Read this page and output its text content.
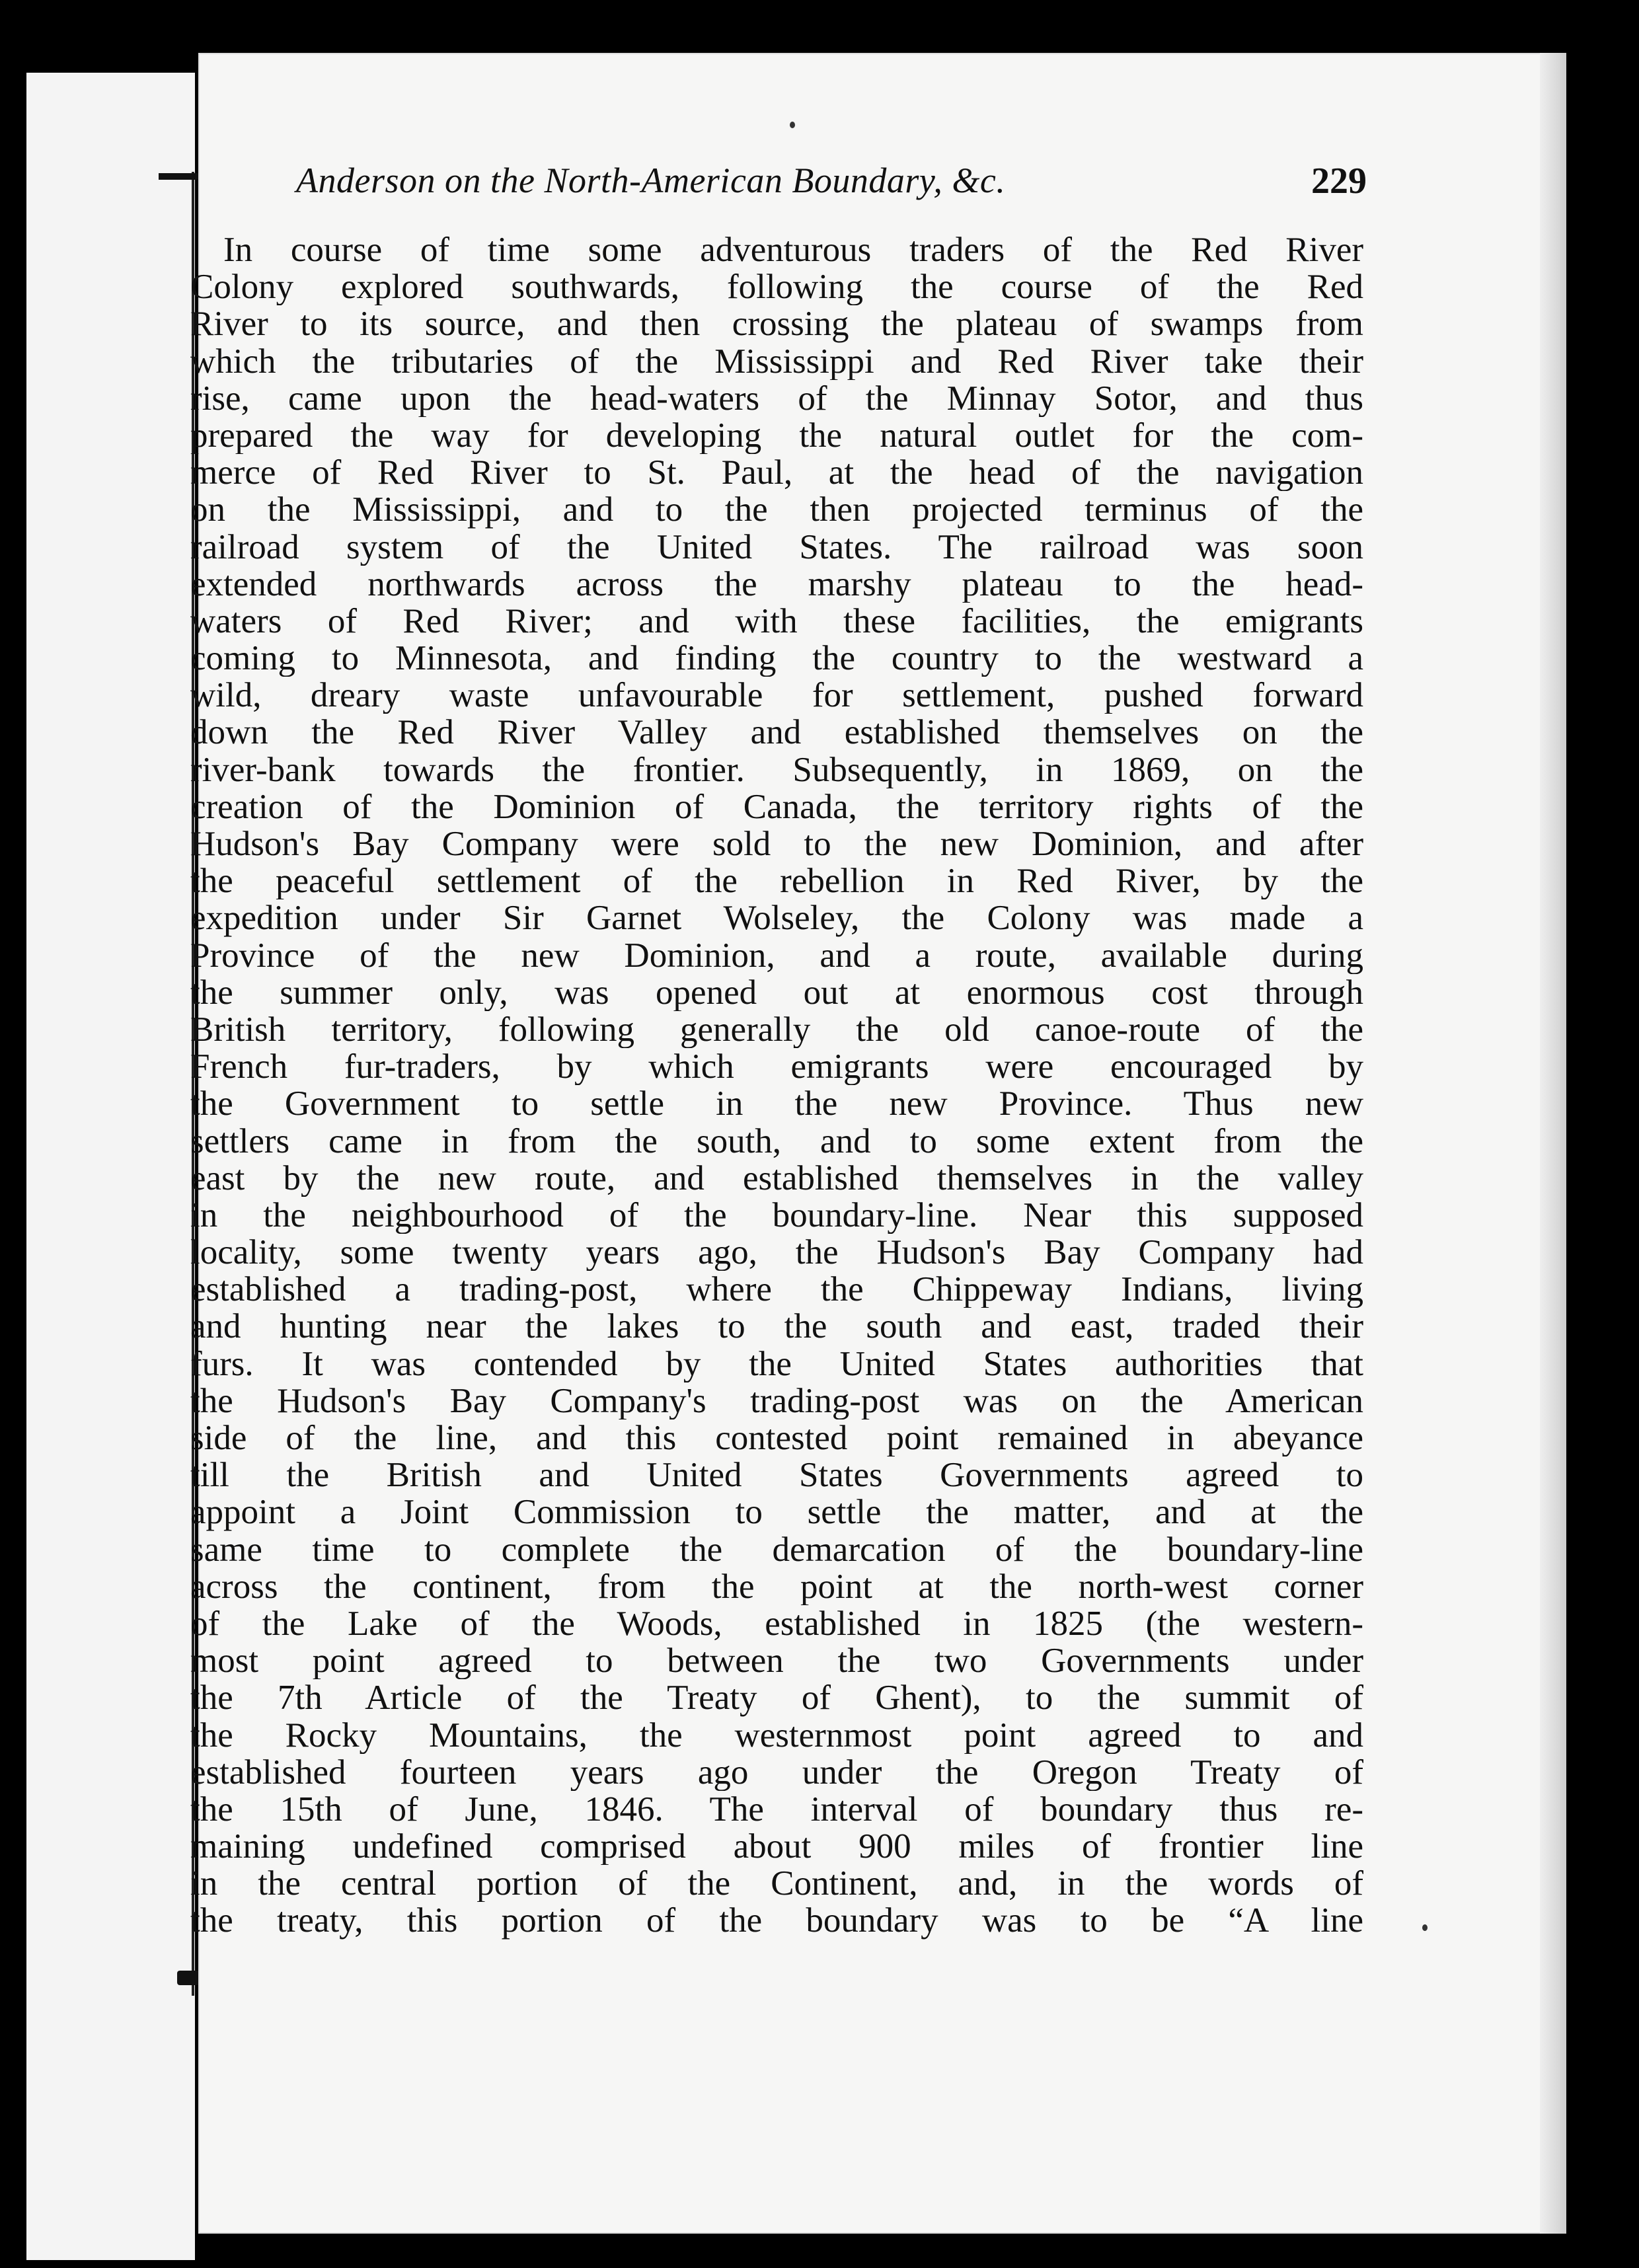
Anderson on the North-American Boundary, &c.	229
In course of time some adventurous traders of the Red River
Colony explored southwards, following the course of the Red
River to its source, and then crossing the plateau of swamps from
which the tributaries of the Mississippi and Red River take their
rise, came upon the head-waters of the Minnay Sotor, and thus
prepared the way for developing the natural outlet for the com-
merce of Red River to St. Paul, at the head of the navigation
on the Mississippi, and to the then projected terminus of the
railroad system of the United States. The railroad was soon
extended northwards across the marshy plateau to the head-
waters of Red River; and with these facilities, the emigrants
coming to Minnesota, and finding the country to the westward a
wild, dreary waste unfavourable for settlement, pushed forward
down the Red River Valley and established themselves on the
river-bank towards the frontier. Subsequently, in 1869, on the
creation of the Dominion of Canada, the territory rights of the
Hudson's Bay Company were sold to the new Dominion, and after
the peaceful settlement of the rebellion in Red River, by the
expedition under Sir Garnet Wolseley, the Colony was made a
Province of the new Dominion, and a route, available during
the summer only, was opened out at enormous cost through
British territory, following generally the old canoe-route of the
French fur-traders, by which emigrants were encouraged by
the Government to settle in the new Province. Thus new
settlers came in from the south, and to some extent from the
east by the new route, and established themselves in the valley
in the neighbourhood of the boundary-line. Near this supposed
locality, some twenty years ago, the Hudson's Bay Company had
established a trading-post, where the Chippeway Indians, living
and hunting near the lakes to the south and east, traded their
furs. It was contended by the United States authorities that
the Hudson's Bay Company's trading-post was on the American
side of the line, and this contested point remained in abeyance
till the British and United States Governments agreed to
appoint a Joint Commission to settle the matter, and at the
same time to complete the demarcation of the boundary-line
across the continent, from the point at the north-west corner
of the Lake of the Woods, established in 1825 (the western-
most point agreed to between the two Governments under
the 7th Article of the Treaty of Ghent), to the summit of
the Rocky Mountains, the westernmost point agreed to and
established fourteen years ago under the Oregon Treaty of
the 15th of June, 1846. The interval of boundary thus re-
maining undefined comprised about 900 miles of frontier line
in the central portion of the Continent, and, in the words of
the treaty, this portion of the boundary was to be “A line
